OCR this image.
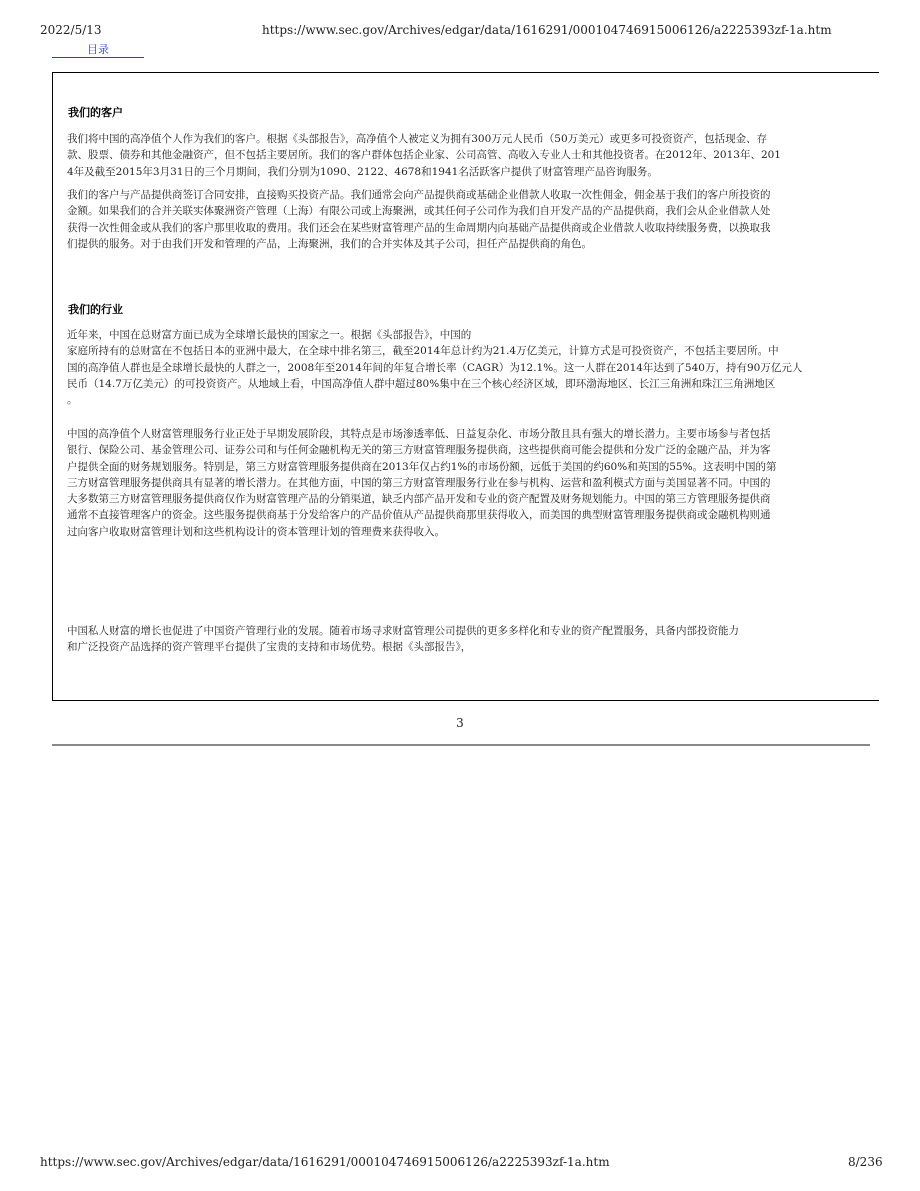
2022/5/13	https://www.sec.gov/Archives/edgar/data/1616291/000104746915006126/a2225393zf-1a.htm
目录
我们的客户
我们将中国的高净值个人作为我们的客户。根据《头部报告》，高净值个人被定义为拥有300万元人民币（50万美元）或更多可投资资产，包括现金、存
款、股票、债券和其他金融资产，但不包括主要居所。我们的客户群体包括企业家、公司高管、高收入专业人士和其他投资者。在2012年、2013年、201
4年及截至2015年3月31日的三个月期间，我们分别为1090、2122、4678和1941名活跃客户提供了财富管理产品咨询服务。
我们的客户与产品提供商签订合同安排，直接购买投资产品。我们通常会向产品提供商或基础企业借款人收取一次性佣金，佣金基于我们的客户所投资的
金额。如果我们的合并关联实体聚洲资产管理（上海）有限公司或上海聚洲，或其任何子公司作为我们自开发产品的产品提供商，我们会从企业借款人处
获得一次性佣金或从我们的客户那里收取的费用。我们还会在某些财富管理产品的生命周期内向基础产品提供商或企业借款人收取持续服务费，以换取我
们提供的服务。对于由我们开发和管理的产品，上海聚洲，我们的合并实体及其子公司，担任产品提供商的角色。
我们的行业
近年来，中国在总财富方面已成为全球增长最快的国家之一。根据《头部报告》，中国的
家庭所持有的总财富在不包括日本的亚洲中最大，在全球中排名第三，截至2014年总计约为21.4万亿美元，计算方式是可投资资产，不包括主要居所。中
国的高净值人群也是全球增长最快的人群之一，2008年至2014年间的年复合增长率（CAGR）为12.1%。这一人群在2014年达到了540万，持有90万亿元人
民币（14.7万亿美元）的可投资资产。从地域上看，中国高净值人群中超过80%集中在三个核心经济区域，即环渤海地区、长江三角洲和珠江三角洲地区
。
中国的高净值个人财富管理服务行业正处于早期发展阶段，其特点是市场渗透率低、日益复杂化、市场分散且具有强大的增长潜力。主要市场参与者包括
银行、保险公司、基金管理公司、证券公司和与任何金融机构无关的第三方财富管理服务提供商，这些提供商可能会提供和分发广泛的金融产品，并为客
户提供全面的财务规划服务。特别是，第三方财富管理服务提供商在2013年仅占约1%的市场份额，远低于美国的约60%和英国的55%。这表明中国的第
三方财富管理服务提供商具有显著的增长潜力。在其他方面，中国的第三方财富管理服务行业在参与机构、运营和盈利模式方面与美国显著不同。中国的
大多数第三方财富管理服务提供商仅作为财富管理产品的分销渠道，缺乏内部产品开发和专业的资产配置及财务规划能力。中国的第三方管理服务提供商
通常不直接管理客户的资金。这些服务提供商基于分发给客户的产品价值从产品提供商那里获得收入，而美国的典型财富管理服务提供商或金融机构则通
过向客户收取财富管理计划和这些机构设计的资本管理计划的管理费来获得收入。
中国私人财富的增长也促进了中国资产管理行业的发展。随着市场寻求财富管理公司提供的更多多样化和专业的资产配置服务，具备内部投资能力
和广泛投资产品选择的资产管理平台提供了宝贵的支持和市场优势。根据《头部报告》，
3
https://www.sec.gov/Archives/edgar/data/1616291/000104746915006126/a2225393zf-1a.htm	8/236
